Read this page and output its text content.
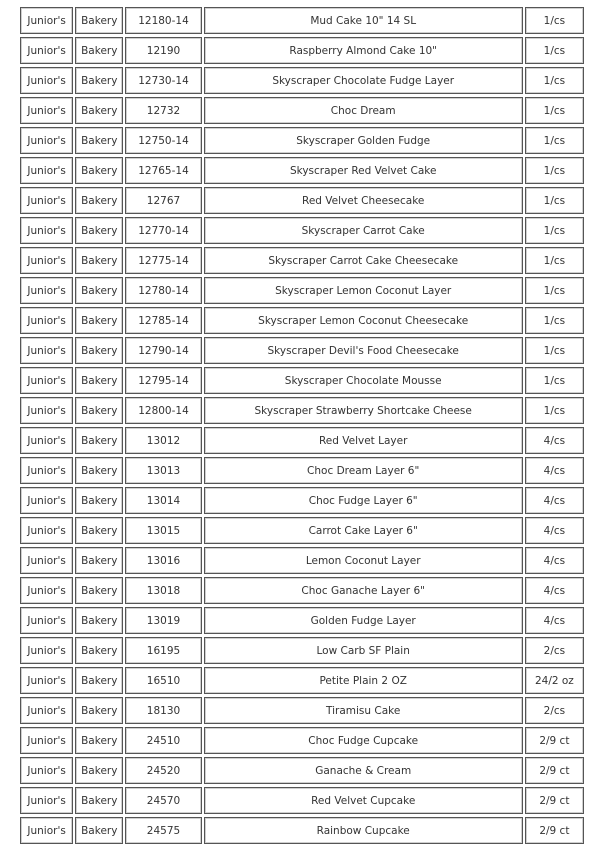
Junior's	Bakery	12180-14	Mud Cake 10" 14 SL	1/cs
Junior's	Bakery	12190	Raspberry Almond Cake 10"	1/cs
Junior's	Bakery	12730-14	Skyscraper Chocolate Fudge Layer	1/cs
Junior's	Bakery	12732	Choc Dream	1/cs
Junior's	Bakery	12750-14	Skyscraper Golden Fudge	1/cs
Junior's	Bakery	12765-14	Skyscraper Red Velvet Cake	1/cs
Junior's	Bakery	12767	Red Velvet Cheesecake	1/cs
Junior's	Bakery	12770-14	Skyscraper Carrot Cake	1/cs
Junior's	Bakery	12775-14	Skyscraper Carrot Cake Cheesecake	1/cs
Junior's	Bakery	12780-14	Skyscraper Lemon Coconut Layer	1/cs
Junior's	Bakery	12785-14	Skyscraper Lemon Coconut Cheesecake	1/cs
Junior's	Bakery	12790-14	Skyscraper Devil's Food Cheesecake	1/cs
Junior's	Bakery	12795-14	Skyscraper Chocolate Mousse	1/cs
Junior's	Bakery	12800-14	Skyscraper Strawberry Shortcake Cheese	1/cs
Junior's	Bakery	13012	Red Velvet Layer	4/cs
Junior's	Bakery	13013	Choc Dream Layer 6"	4/cs
Junior's	Bakery	13014	Choc Fudge Layer 6"	4/cs
Junior's	Bakery	13015	Carrot Cake Layer 6"	4/cs
Junior's	Bakery	13016	Lemon Coconut Layer	4/cs
Junior's	Bakery	13018	Choc Ganache Layer 6"	4/cs
Junior's	Bakery	13019	Golden Fudge Layer	4/cs
Junior's	Bakery	16195	Low Carb SF Plain	2/cs
Junior's	Bakery	16510	Petite Plain 2 OZ	24/2 oz
Junior's	Bakery	18130	Tiramisu Cake	2/cs
Junior's	Bakery	24510	Choc Fudge Cupcake	2/9 ct
Junior's	Bakery	24520	Ganache & Cream	2/9 ct
Junior's	Bakery	24570	Red Velvet Cupcake	2/9 ct
Junior's	Bakery	24575	Rainbow Cupcake	2/9 ct
